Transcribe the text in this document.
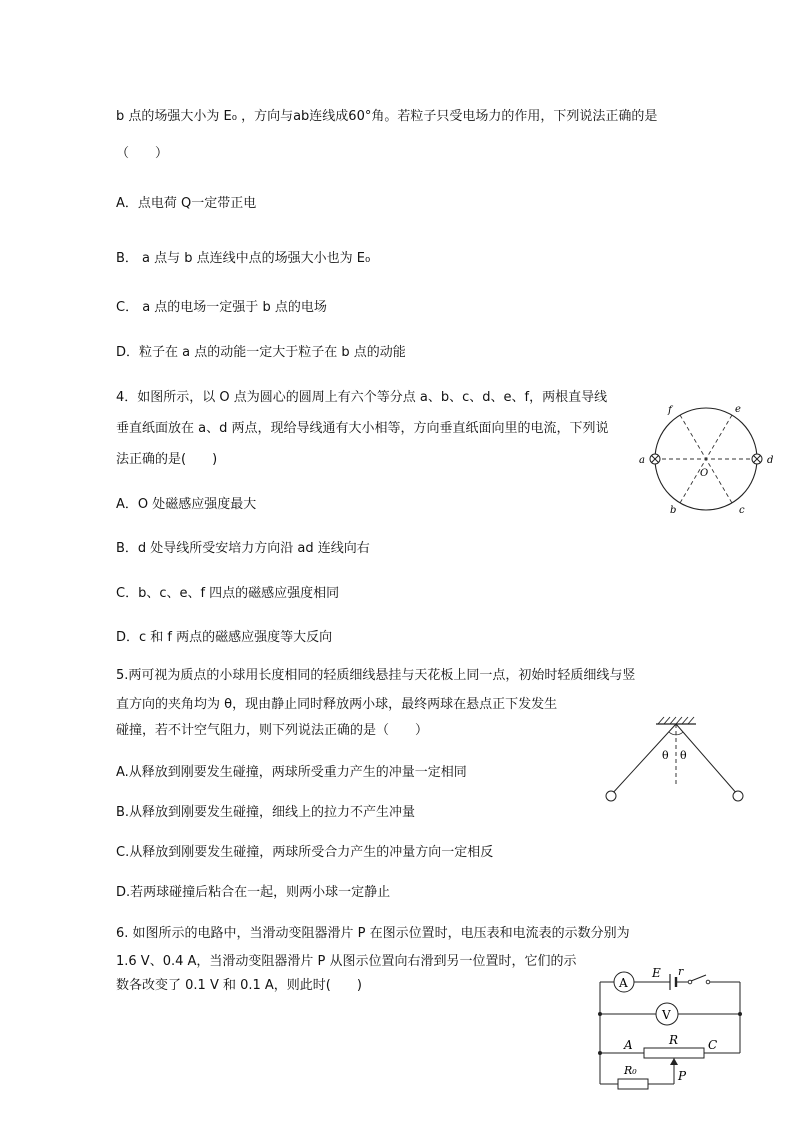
b 点的场强大小为 E₀ ，方向与ab连线成60°角。若粒子只受电场力的作用，下列说法正确的是
（　　）
A．点电荷 Q一定带正电
B． a 点与 b 点连线中点的场强大小也为 E₀
C． a 点的电场一定强于 b 点的电场
D．粒子在 a 点的动能一定大于粒子在 b 点的动能
4．如图所示，以 O 点为圆心的圆周上有六个等分点 a、b、c、d、e、f，两根直导线
垂直纸面放在 a、d 两点，现给导线通有大小相等，方向垂直纸面向里的电流，下列说
法正确的是(　　)
A．O 处磁感应强度最大
B．d 处导线所受安培力方向沿 ad 连线向右
C．b、c、e、f 四点的磁感应强度相同
D．c 和 f 两点的磁感应强度等大反向
a	d
f	e
b	c
O
5.两可视为质点的小球用长度相同的轻质细线悬挂与天花板上同一点，初始时轻质细线与竖
直方向的夹角均为 θ，现由静止同时释放两小球，最终两球在悬点正下发发生
碰撞，若不计空气阻力，则下列说法正确的是（　　）
A.从释放到刚要发生碰撞，两球所受重力产生的冲量一定相同
B.从释放到刚要发生碰撞，细线上的拉力不产生冲量
C.从释放到刚要发生碰撞，两球所受合力产生的冲量方向一定相反
D.若两球碰撞后粘合在一起，则两小球一定静止
θ θ
6. 如图所示的电路中，当滑动变阻器滑片 P 在图示位置时，电压表和电流表的示数分别为
1.6 V、0.4 A，当滑动变阻器滑片 P 从图示位置向右滑到另一位置时，它们的示
数各改变了 0.1 V 和 0.1 A，则此时(　　)	A
E r
V
A	R C
P
R₀
